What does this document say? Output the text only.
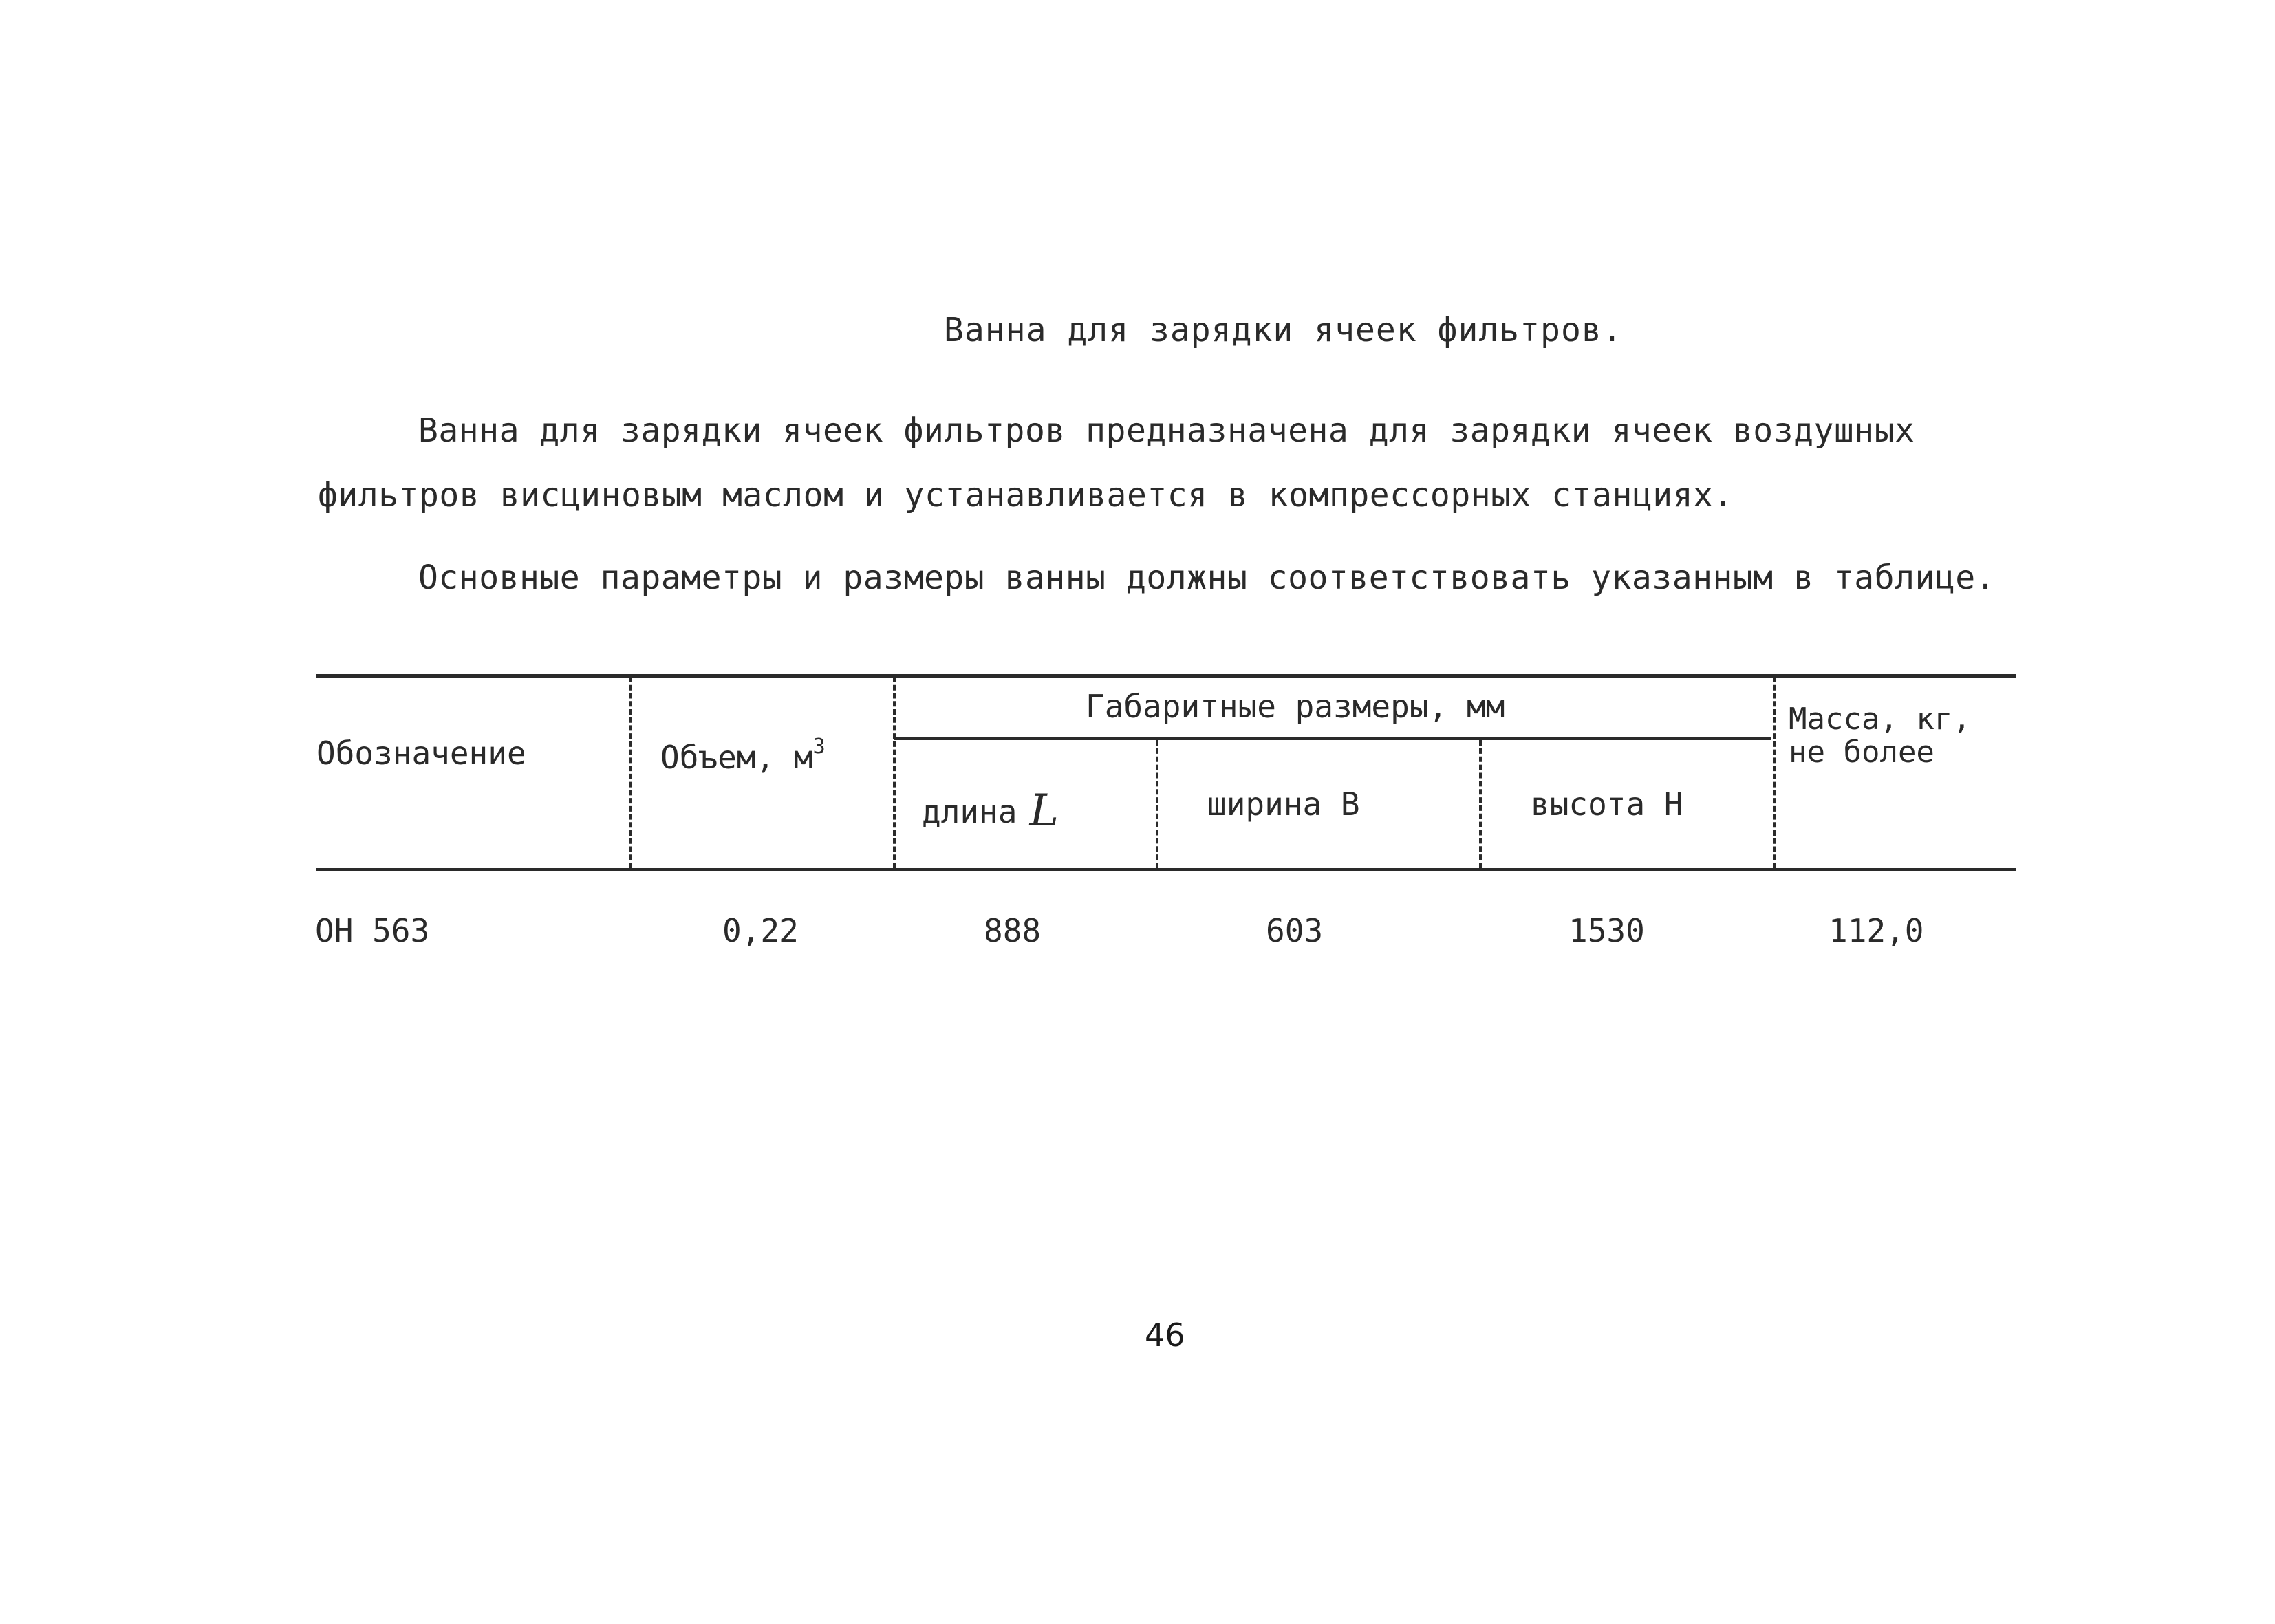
Ванна для зарядки ячеек фильтров.
Ванна для зарядки ячеек фильтров предназначена для зарядки ячеек воздушных
фильтров висциновым маслом и устанавливается в компрессорных станциях.
Основные параметры и размеры ванны должны соответствовать указанным в таблице.
Обозначение	Объем, $м^3$
Габаритные размеры, мм	Масса, кг,
не более
длина L	ширина В	высота Н
ОН 563	0,22	888	603	1530	112,0
46
